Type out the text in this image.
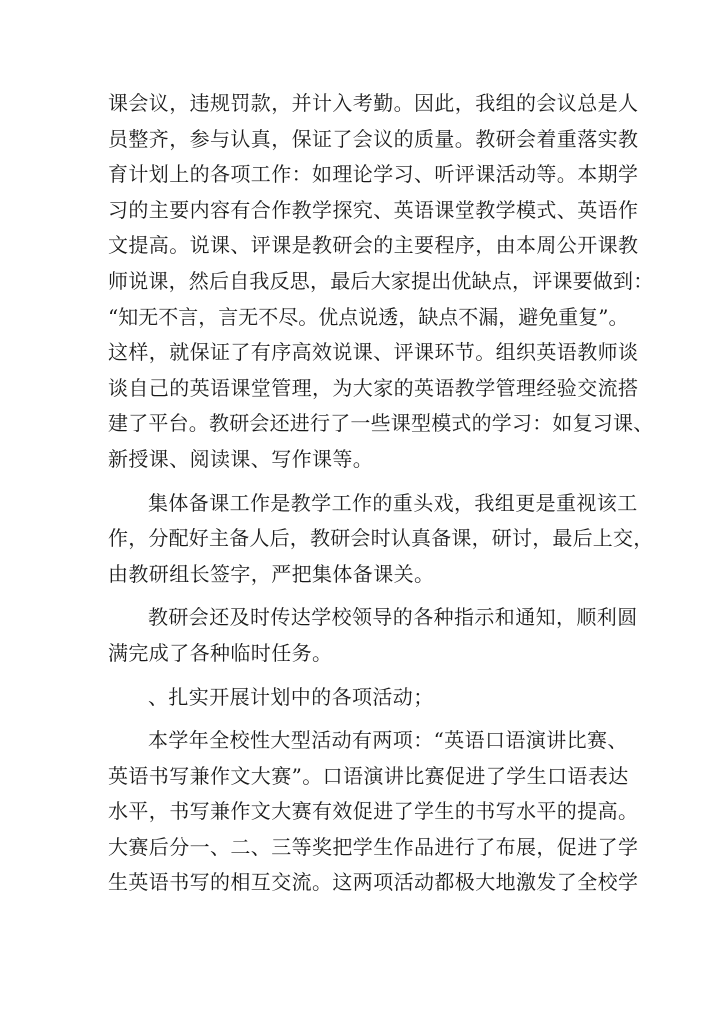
课会议，违规罚款，并计入考勤。因此，我组的会议总是人
员整齐，参与认真，保证了会议的质量。教研会着重落实教
育计划上的各项工作：如理论学习、听评课活动等。本期学
习的主要内容有合作教学探究、英语课堂教学模式、英语作
文提高。说课、评课是教研会的主要程序，由本周公开课教
师说课，然后自我反思，最后大家提出优缺点，评课要做到：
“知无不言，言无不尽。优点说透，缺点不漏，避免重复”。
这样，就保证了有序高效说课、评课环节。组织英语教师谈
谈自己的英语课堂管理，为大家的英语教学管理经验交流搭
建了平台。教研会还进行了一些课型模式的学习：如复习课、
新授课、阅读课、写作课等。
集体备课工作是教学工作的重头戏，我组更是重视该工
作，分配好主备人后，教研会时认真备课，研讨，最后上交，
由教研组长签字，严把集体备课关。
教研会还及时传达学校领导的各种指示和通知，顺利圆
满完成了各种临时任务。
、扎实开展计划中的各项活动；
本学年全校性大型活动有两项：“英语口语演讲比赛、
英语书写兼作文大赛”。口语演讲比赛促进了学生口语表达
水平，书写兼作文大赛有效促进了学生的书写水平的提高。
大赛后分一、二、三等奖把学生作品进行了布展，促进了学
生英语书写的相互交流。这两项活动都极大地激发了全校学
